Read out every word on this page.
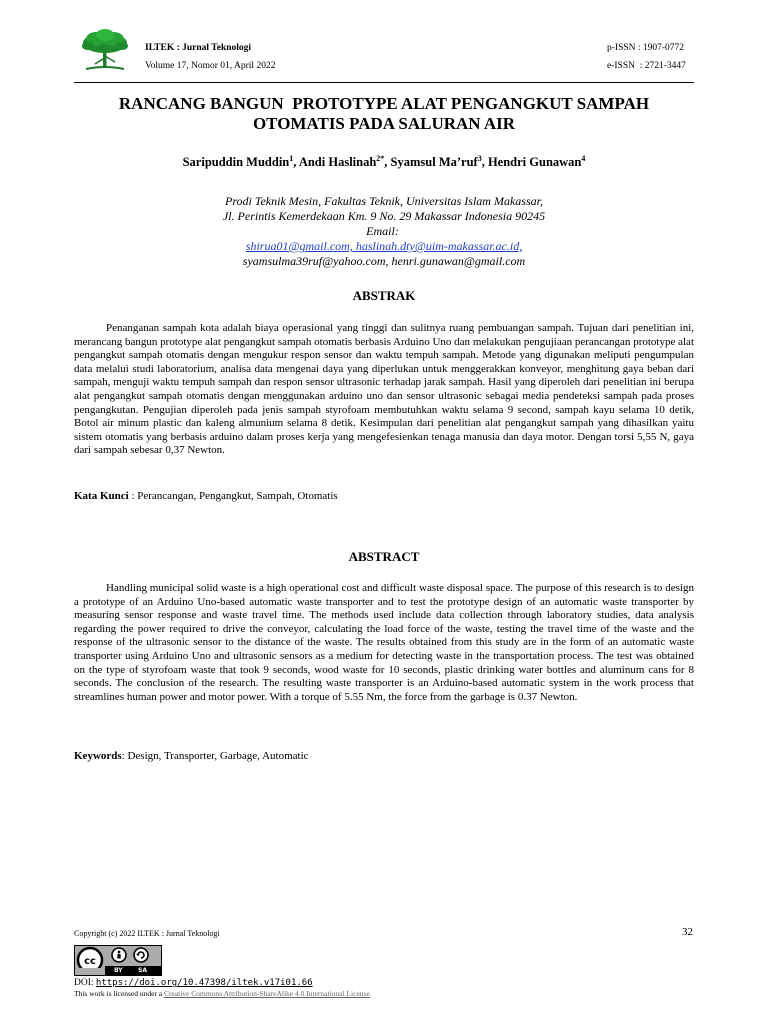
ILTEK : Jurnal Teknologi
Volume 17, Nomor 01, April 2022
p-ISSN : 1907-0772
e-ISSN  : 2721-3447
RANCANG BANGUN  PROTOTYPE ALAT PENGANGKUT SAMPAH
OTOMATIS PADA SALURAN AIR
Saripuddin Muddin$^1$, Andi Haslinah$^{2*}$, Syamsul Ma’ruf$^3$, Hendri Gunawan$^4$
Prodi Teknik Mesin, Fakultas Teknik, Universitas Islam Makassar,
Jl. Perintis Kemerdekaan Km. 9 No. 29 Makassar Indonesia 90245
Email:
shirua01@gmail.com, haslinah.dty@uim-makassar.ac.id,
syamsulma39ruf@yahoo.com, henri.gunawan@gmail.com
ABSTRAK

Penanganan sampah kota adalah biaya operasional yang tinggi dan sulitnya ruang pembuangan sampah. Tujuan dari penelitian ini, merancang bangun prototype alat pengangkut sampah otomatis berbasis Arduino Uno dan melakukan pengujiaan perancangan prototype alat pengangkut sampah otomatis dengan mengukur respon sensor dan waktu tempuh sampah. Metode yang digunakan meliputi pengumpulan data melalui studi laboratorium, analisa data mengenai daya yang diperlukan untuk menggerakkan konveyor, menghitung gaya beban dari sampah, menguji waktu tempuh sampah dan respon sensor ultrasonic terhadap jarak sampah. Hasil yang diperoleh dari penelitian ini berupa alat pengangkut sampah otomatis dengan menggunakan arduino uno dan sensor ultrasonic sebagai media pendeteksi sampah pada proses pengangkutan. Pengujian diperoleh pada jenis sampah styrofoam membutuhkan waktu selama 9 second, sampah kayu selama 10 detik, Botol air minum plastic dan kaleng almunium selama 8 detik. Kesimpulan dari penelitian alat pengangkut sampah yang dihasilkan yaitu sistem otomatis yang berbasis arduino dalam proses kerja yang mengefesienkan tenaga manusia dan daya motor. Dengan torsi 5,55 N, gaya dari sampah sebesar 0,37 Newton.

Kata Kunci : Perancangan, Pengangkut, Sampah, Otomatis
ABSTRACT

Handling municipal solid waste is a high operational cost and difficult waste disposal space. The purpose of this research is to design a prototype of an Arduino Uno-based automatic waste transporter and to test the prototype design of an automatic waste transporter by measuring sensor response and waste travel time. The methods used include data collection through laboratory studies, data analysis regarding the power required to drive the conveyor, calculating the load force of the waste, testing the travel time of the waste and the response of the ultrasonic sensor to the distance of the waste. The results obtained from this study are in the form of an automatic waste transporter using Arduino Uno and ultrasonic sensors as a medium for detecting waste in the transportation process. The test was obtained on the type of styrofoam waste that took 9 seconds, wood waste for 10 seconds, plastic drinking water bottles and aluminum cans for 8 seconds. The conclusion of the research. The resulting waste transporter is an Arduino-based automatic system in the work process that streamlines human power and motor power. With a torque of 5.55 Nm, the force from the garbage is 0.37 Newton.

Keywords: Design, Transporter, Garbage, Automatic
Copyright (c) 2022 ILTEK : Jurnal Teknologi	32
cc
BY	SA
DOI: https://doi.org/10.47398/iltek.v17i01.66
This work is licensed under a Creative Commons Attribution-ShareAlike 4.0 International License
